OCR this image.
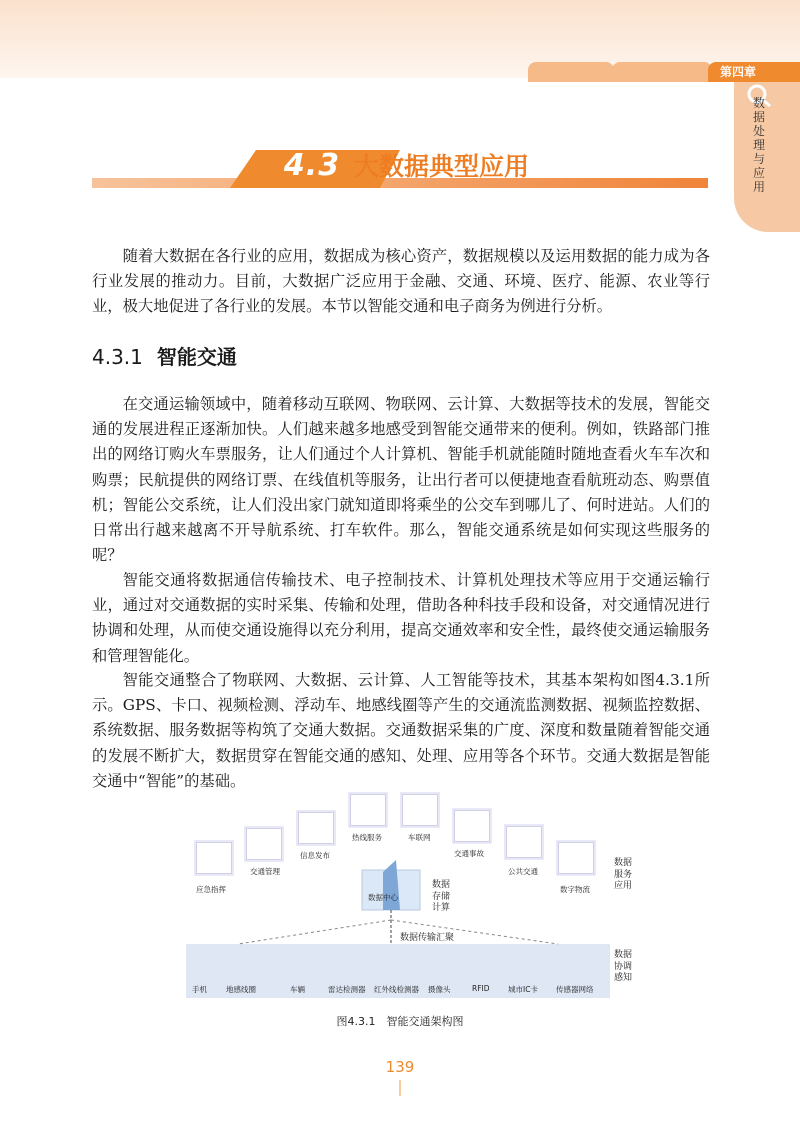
第四章
数据处理与应用
4.3 大数据典型应用

随着大数据在各行业的应用，数据成为核心资产，数据规模以及运用数据的能力成为各行业发展的推动力。目前，大数据广泛应用于金融、交通、环境、医疗、能源、农业等行业，极大地促进了各行业的发展。本节以智能交通和电子商务为例进行分析。

4.3.1 智能交通

在交通运输领域中，随着移动互联网、物联网、云计算、大数据等技术的发展，智能交通的发展进程正逐渐加快。人们越来越多地感受到智能交通带来的便利。例如，铁路部门推出的网络订购火车票服务，让人们通过个人计算机、智能手机就能随时随地查看火车车次和购票；民航提供的网络订票、在线值机等服务，让出行者可以便捷地查看航班动态、购票值机；智能公交系统，让人们没出家门就知道即将乘坐的公交车到哪儿了、何时进站。人们的日常出行越来越离不开导航系统、打车软件。那么，智能交通系统是如何实现这些服务的呢？

智能交通将数据通信传输技术、电子控制技术、计算机处理技术等应用于交通运输行业，通过对交通数据的实时采集、传输和处理，借助各种科技手段和设备，对交通情况进行协调和处理，从而使交通设施得以充分利用，提高交通效率和安全性，最终使交通运输服务和管理智能化。

智能交通整合了物联网、大数据、云计算、人工智能等技术，其基本架构如图4.3.1所示。GPS、卡口、视频检测、浮动车、地感线圈等产生的交通流监测数据、视频监控数据、系统数据、服务数据等构筑了交通大数据。交通数据采集的广度、深度和数量随着智能交通的发展不断扩大，数据贯穿在智能交通的感知、处理、应用等各个环节。交通大数据是智能交通中“智能”的基础。

应急指挥
交通管理
信息发布
热线服务	车联网
交通事故
公共交通
数字物流
数据中心
数据存储计算
数据传输汇聚
数据服务应用
数据协调感知
手机	地感线圈	车辆	雷达检测器 红外线检测器 摄像头	RFID 城市IC卡 传感器网络
图4.3.1　智能交通架构图
139
